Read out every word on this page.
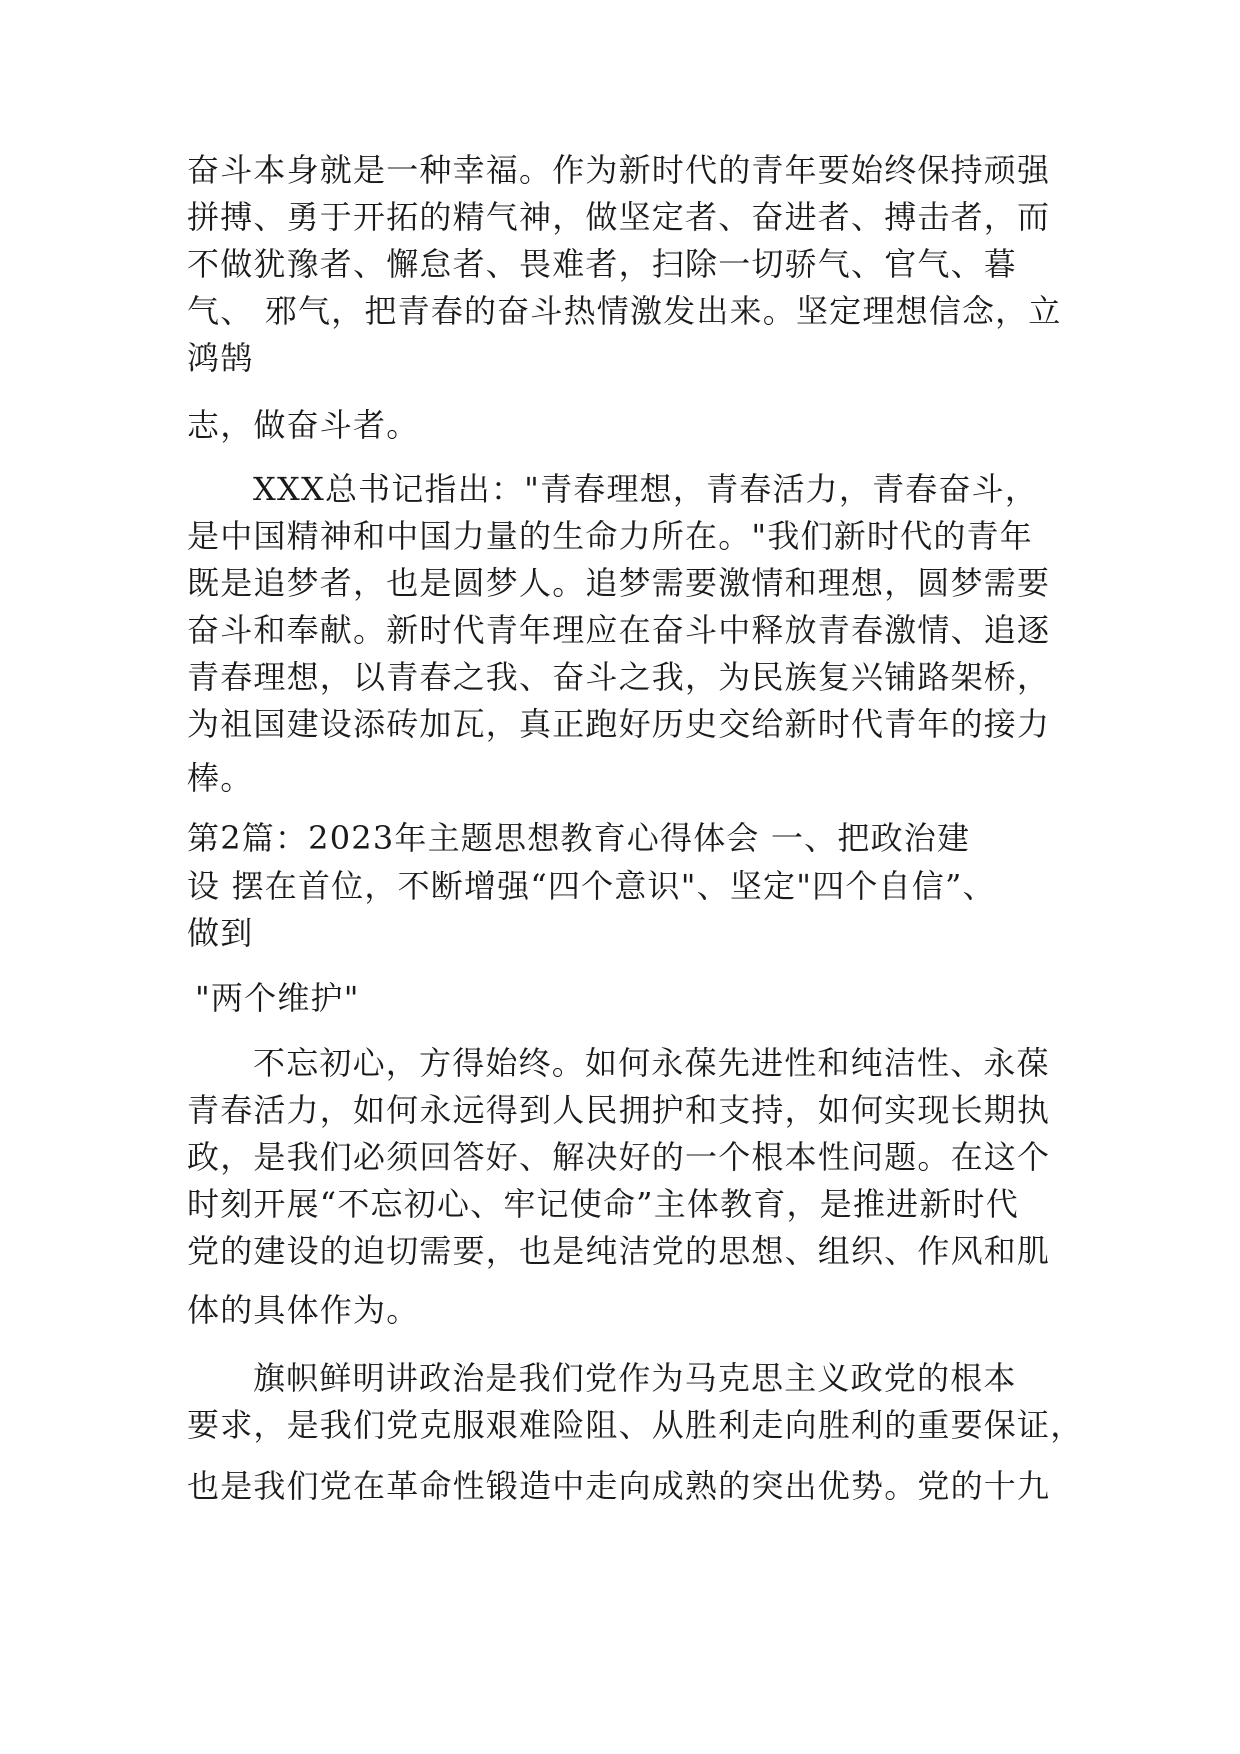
奋斗本身就是一种幸福。作为新时代的青年要始终保持顽强
拼搏、勇于开拓的精气神，做坚定者、奋进者、搏击者，而
不做犹豫者、懈怠者、畏难者，扫除一切骄气、官气、暮
气、 邪气，把青春的奋斗热情激发出来。坚定理想信念，立
鸿鹄
志，做奋斗者。
XXX总书记指出："青春理想，青春活力，青春奋斗，
是中国精神和中国力量的生命力所在。"我们新时代的青年
既是追梦者，也是圆梦人。追梦需要激情和理想，圆梦需要
奋斗和奉献。新时代青年理应在奋斗中释放青春激情、追逐
青春理想，以青春之我、奋斗之我，为民族复兴铺路架桥，
为祖国建设添砖加瓦，真正跑好历史交给新时代青年的接力
棒。
第2篇：2023年主题思想教育心得体会 一、把政治建
设 摆在首位，不断增强“四个意识"、坚定"四个自信”、
做到
"两个维护"
不忘初心，方得始终。如何永葆先进性和纯洁性、永葆
青春活力，如何永远得到人民拥护和支持，如何实现长期执
政，是我们必须回答好、解决好的一个根本性问题。在这个
时刻开展“不忘初心、牢记使命”主体教育，是推进新时代
党的建设的迫切需要，也是纯洁党的思想、组织、作风和肌
体的具体作为。
旗帜鲜明讲政治是我们党作为马克思主义政党的根本
要求，是我们党克服艰难险阻、从胜利走向胜利的重要保证，
也是我们党在革命性锻造中走向成熟的突出优势。党的十九
